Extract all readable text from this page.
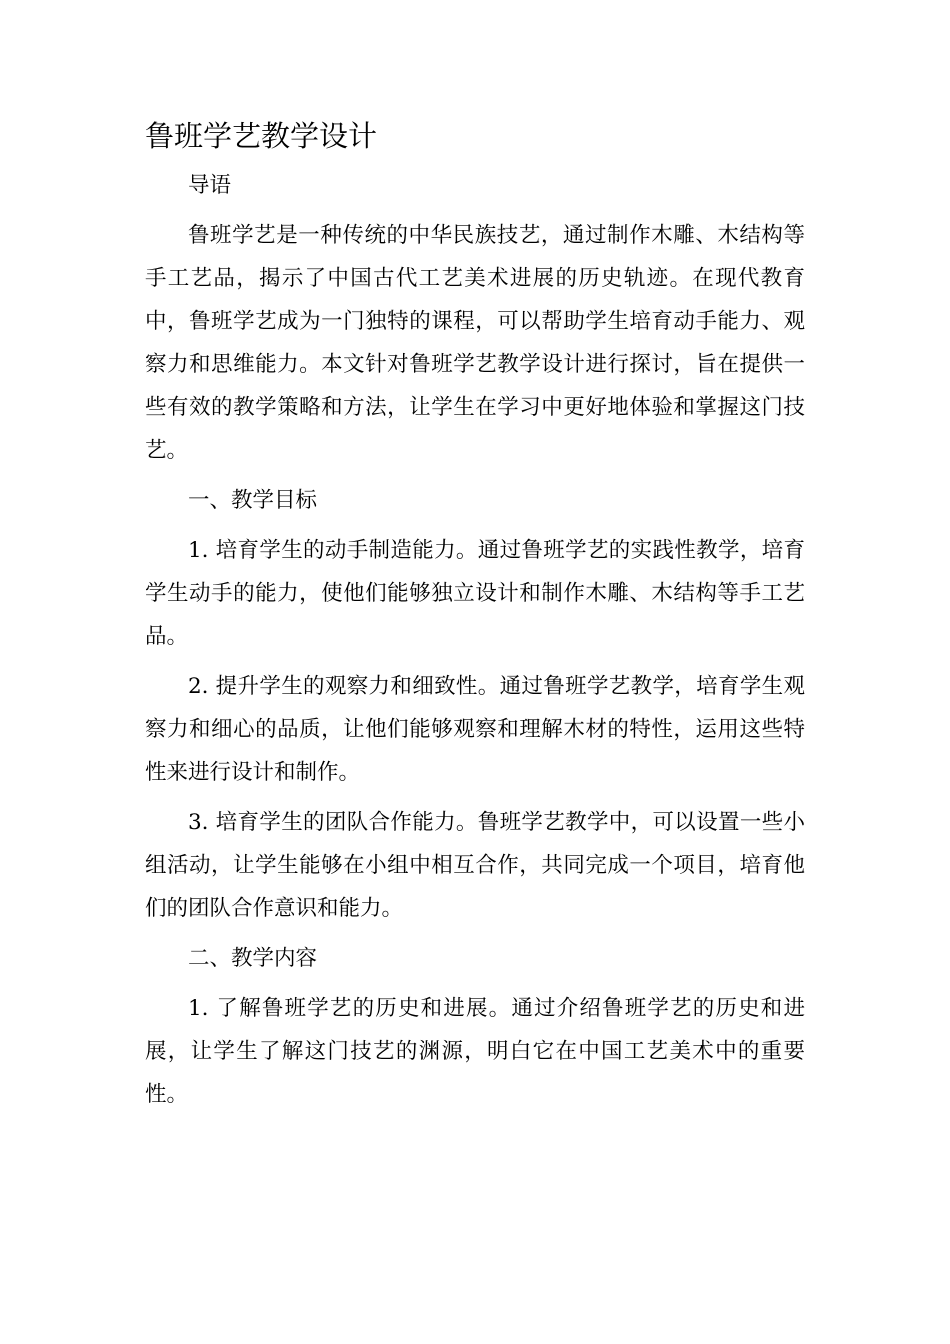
鲁班学艺教学设计

导语

鲁班学艺是一种传统的中华民族技艺，通过制作木雕、木结构等手工艺品，揭示了中国古代工艺美术进展的历史轨迹。在现代教育中，鲁班学艺成为一门独特的课程，可以帮助学生培育动手能力、观察力和思维能力。本文针对鲁班学艺教学设计进行探讨，旨在提供一些有效的教学策略和方法，让学生在学习中更好地体验和掌握这门技艺。

一、教学目标

1. 培育学生的动手制造能力。通过鲁班学艺的实践性教学，培育学生动手的能力，使他们能够独立设计和制作木雕、木结构等手工艺品。

2. 提升学生的观察力和细致性。通过鲁班学艺教学，培育学生观察力和细心的品质，让他们能够观察和理解木材的特性，运用这些特性来进行设计和制作。

3. 培育学生的团队合作能力。鲁班学艺教学中，可以设置一些小组活动，让学生能够在小组中相互合作，共同完成一个项目，培育他们的团队合作意识和能力。

二、教学内容

1. 了解鲁班学艺的历史和进展。通过介绍鲁班学艺的历史和进展，让学生了解这门技艺的渊源，明白它在中国工艺美术中的重要性。
